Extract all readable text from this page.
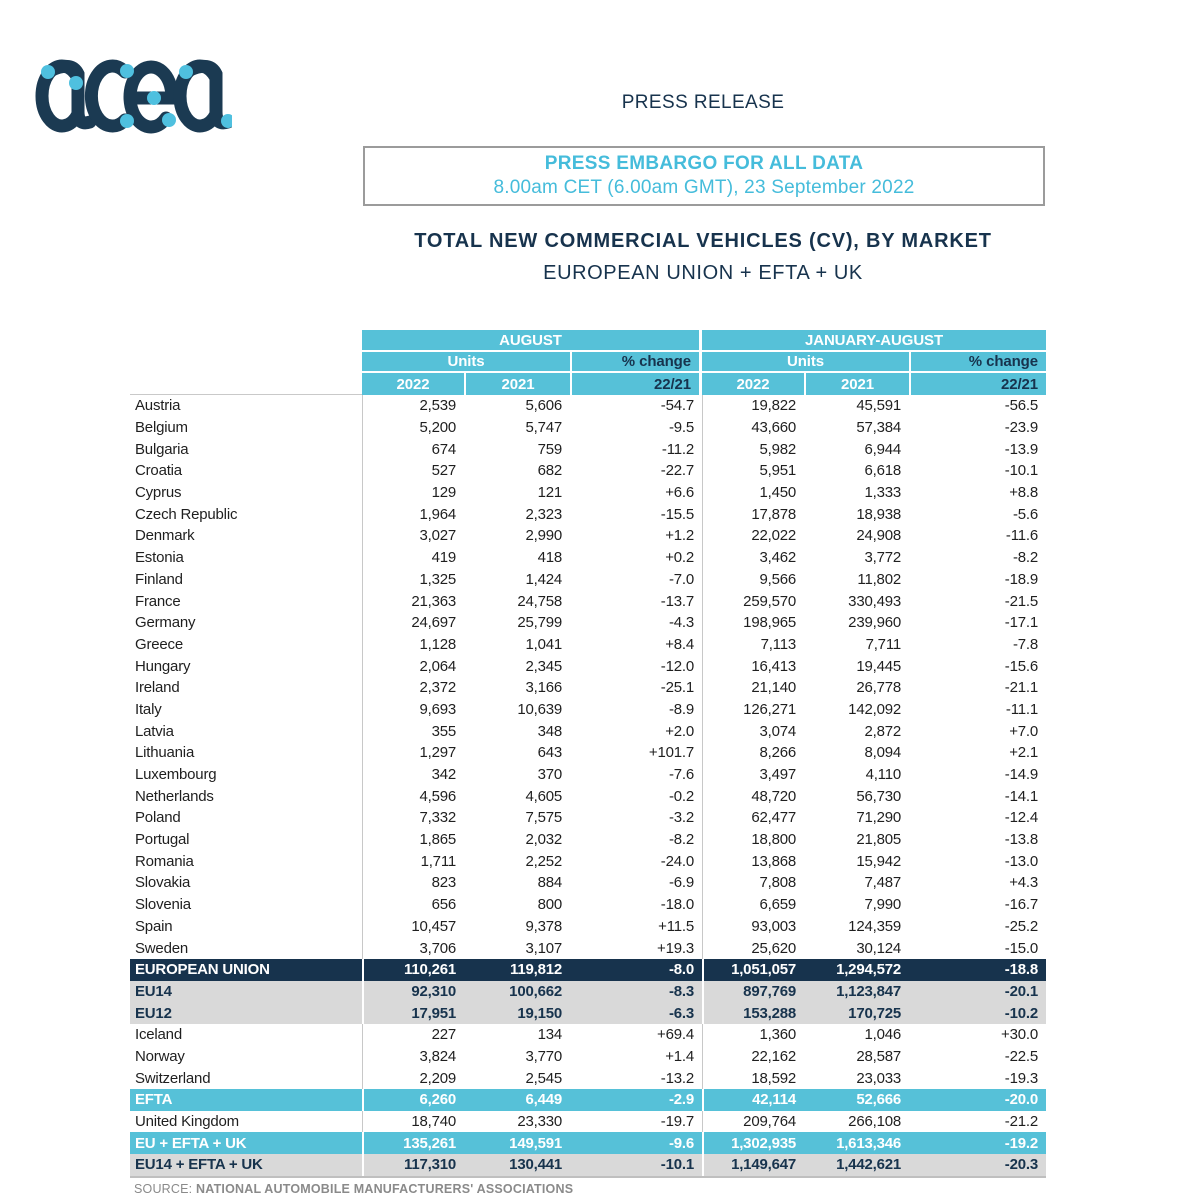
PRESS RELEASE
PRESS EMBARGO FOR ALL DATA
8.00am CET (6.00am GMT), 23 September 2022
TOTAL NEW COMMERCIAL VEHICLES (CV), BY MARKET
EUROPEAN UNION + EFTA + UK
AUGUST	JANUARY-AUGUST
Units	% change	Units	% change
2022	2021	22/21	2022	2021	22/21
Austria	2,539	5,606	-54.7	19,822	45,591	-56.5
Belgium	5,200	5,747	-9.5	43,660	57,384	-23.9
Bulgaria	674	759	-11.2	5,982	6,944	-13.9
Croatia	527	682	-22.7	5,951	6,618	-10.1
Cyprus	129	121	+6.6	1,450	1,333	+8.8
Czech Republic	1,964	2,323	-15.5	17,878	18,938	-5.6
Denmark	3,027	2,990	+1.2	22,022	24,908	-11.6
Estonia	419	418	+0.2	3,462	3,772	-8.2
Finland	1,325	1,424	-7.0	9,566	11,802	-18.9
France	21,363	24,758	-13.7	259,570	330,493	-21.5
Germany	24,697	25,799	-4.3	198,965	239,960	-17.1
Greece	1,128	1,041	+8.4	7,113	7,711	-7.8
Hungary	2,064	2,345	-12.0	16,413	19,445	-15.6
Ireland	2,372	3,166	-25.1	21,140	26,778	-21.1
Italy	9,693	10,639	-8.9	126,271	142,092	-11.1
Latvia	355	348	+2.0	3,074	2,872	+7.0
Lithuania	1,297	643	+101.7	8,266	8,094	+2.1
Luxembourg	342	370	-7.6	3,497	4,110	-14.9
Netherlands	4,596	4,605	-0.2	48,720	56,730	-14.1
Poland	7,332	7,575	-3.2	62,477	71,290	-12.4
Portugal	1,865	2,032	-8.2	18,800	21,805	-13.8
Romania	1,711	2,252	-24.0	13,868	15,942	-13.0
Slovakia	823	884	-6.9	7,808	7,487	+4.3
Slovenia	656	800	-18.0	6,659	7,990	-16.7
Spain	10,457	9,378	+11.5	93,003	124,359	-25.2
Sweden	3,706	3,107	+19.3	25,620	30,124	-15.0
EUROPEAN UNION	110,261	119,812	-8.0	1,051,057	1,294,572	-18.8
EU14	92,310	100,662	-8.3	897,769	1,123,847	-20.1
EU12	17,951	19,150	-6.3	153,288	170,725	-10.2
Iceland	227	134	+69.4	1,360	1,046	+30.0
Norway	3,824	3,770	+1.4	22,162	28,587	-22.5
Switzerland	2,209	2,545	-13.2	18,592	23,033	-19.3
EFTA	6,260	6,449	-2.9	42,114	52,666	-20.0
United Kingdom	18,740	23,330	-19.7	209,764	266,108	-21.2
EU + EFTA + UK	135,261	149,591	-9.6	1,302,935	1,613,346	-19.2
EU14 + EFTA + UK	117,310	130,441	-10.1	1,149,647	1,442,621	-20.3
SOURCE: NATIONAL AUTOMOBILE MANUFACTURERS' ASSOCIATIONS
